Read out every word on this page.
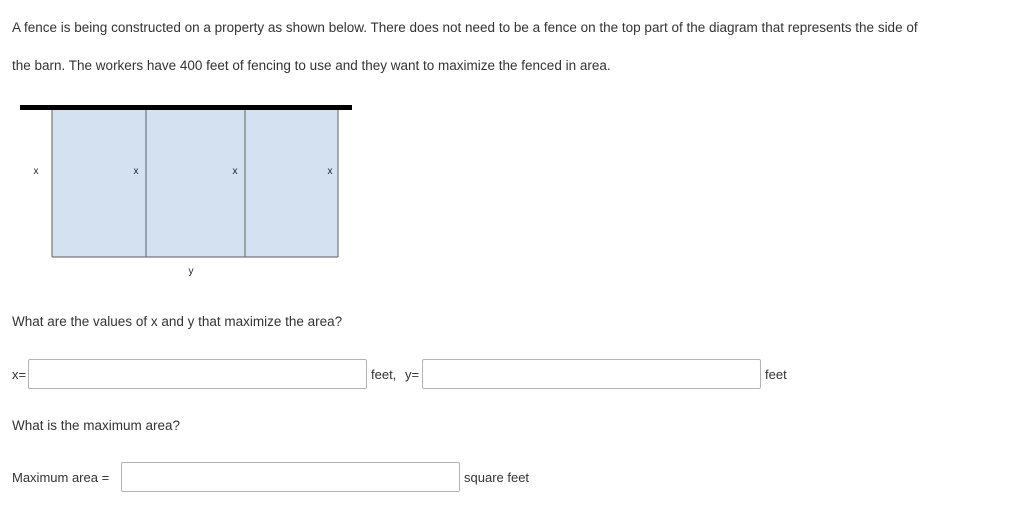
A fence is being constructed on a property as shown below. There does not need to be a fence on the top part of the diagram that represents the side of
the barn. The workers have 400 feet of fencing to use and they want to maximize the fenced in area.
x	x	x	x
y
What are the values of x and y that maximize the area?
x=	feet, y=	feet
What is the maximum area?
Maximum area =	square feet
